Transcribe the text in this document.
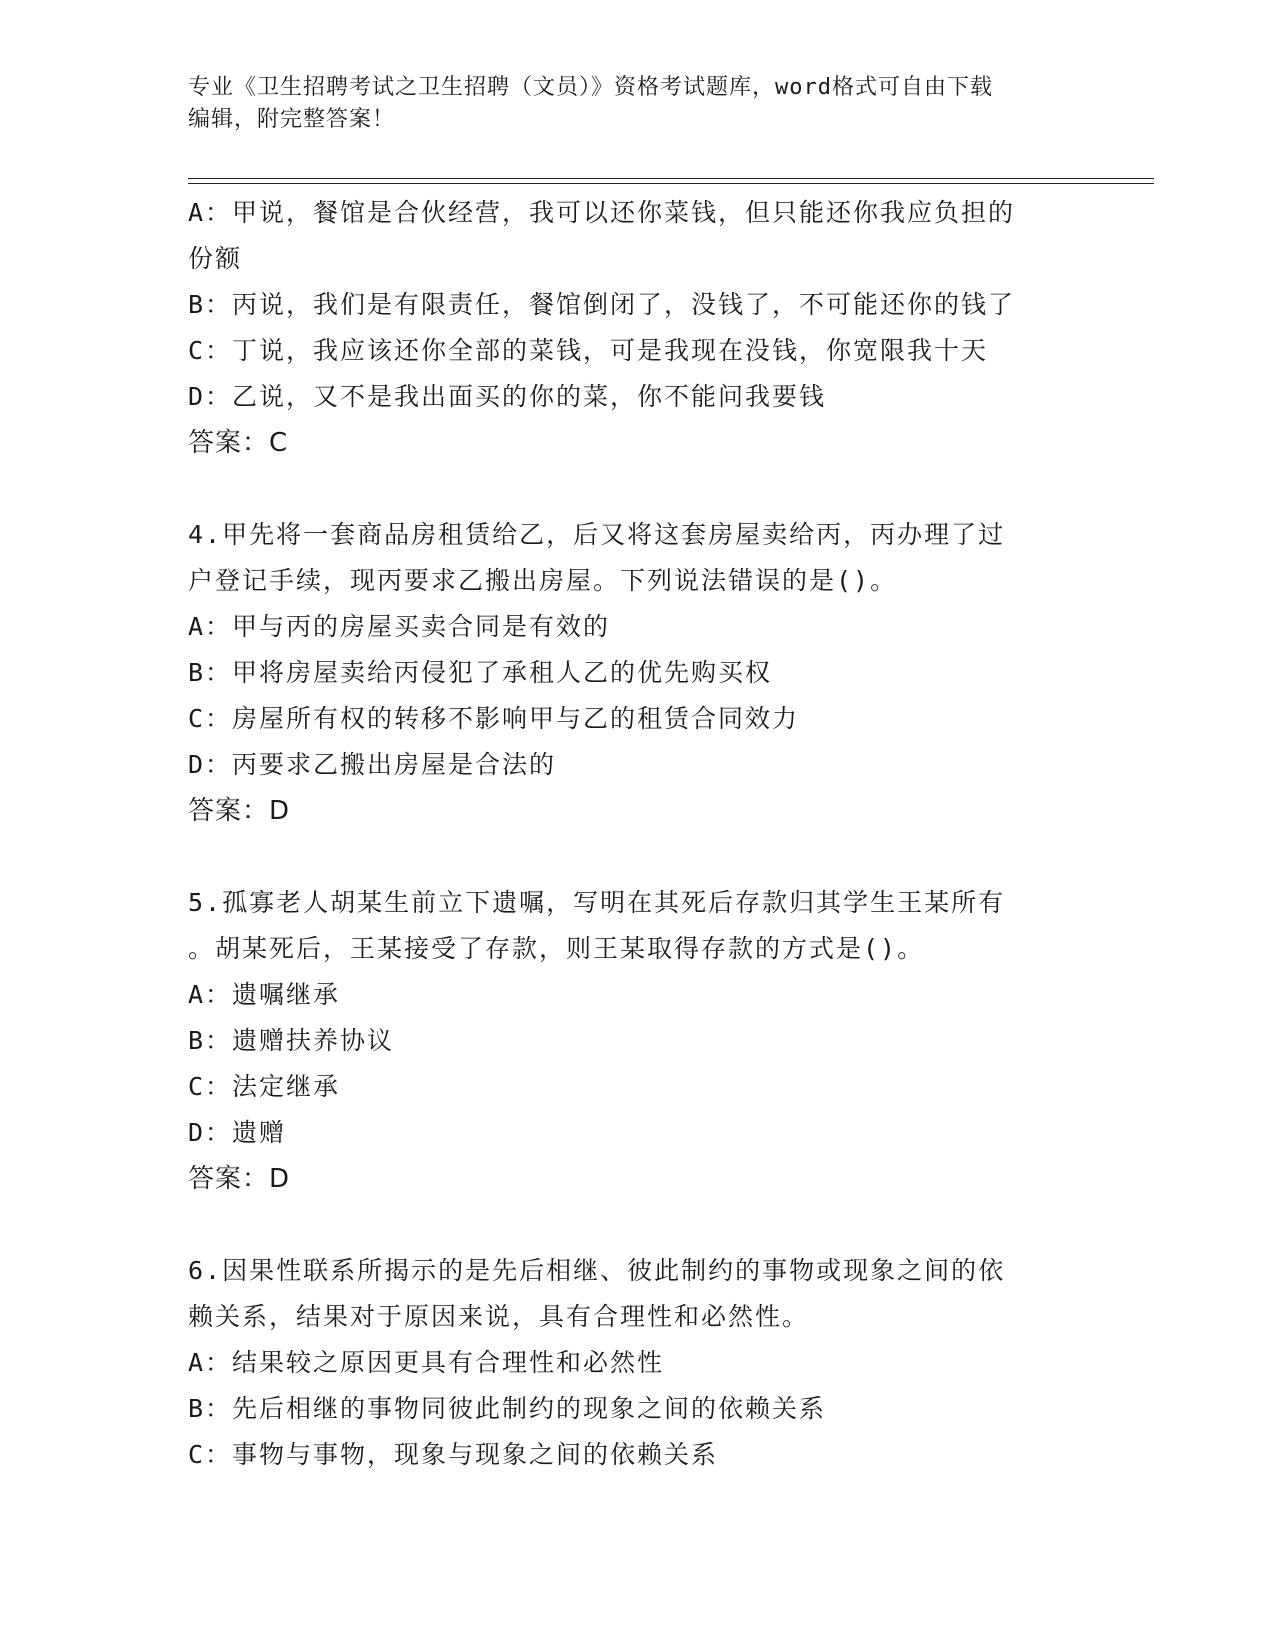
专业《卫生招聘考试之卫生招聘（文员）》资格考试题库，word格式可自由下载
编辑，附完整答案！
A：甲说，餐馆是合伙经营，我可以还你菜钱，但只能还你我应负担的
份额
B：丙说，我们是有限责任，餐馆倒闭了，没钱了，不可能还你的钱了
C：丁说，我应该还你全部的菜钱，可是我现在没钱，你宽限我十天
D：乙说，又不是我出面买的你的菜，你不能问我要钱
答案：C
4.甲先将一套商品房租赁给乙，后又将这套房屋卖给丙，丙办理了过
户登记手续，现丙要求乙搬出房屋。下列说法错误的是()。
A：甲与丙的房屋买卖合同是有效的
B：甲将房屋卖给丙侵犯了承租人乙的优先购买权
C：房屋所有权的转移不影响甲与乙的租赁合同效力
D：丙要求乙搬出房屋是合法的
答案：D
5.孤寡老人胡某生前立下遗嘱，写明在其死后存款归其学生王某所有
。胡某死后，王某接受了存款，则王某取得存款的方式是()。
A：遗嘱继承
B：遗赠扶养协议
C：法定继承
D：遗赠
答案：D
6.因果性联系所揭示的是先后相继、彼此制约的事物或现象之间的依
赖关系，结果对于原因来说，具有合理性和必然性。
A：结果较之原因更具有合理性和必然性
B：先后相继的事物同彼此制约的现象之间的依赖关系
C：事物与事物，现象与现象之间的依赖关系
